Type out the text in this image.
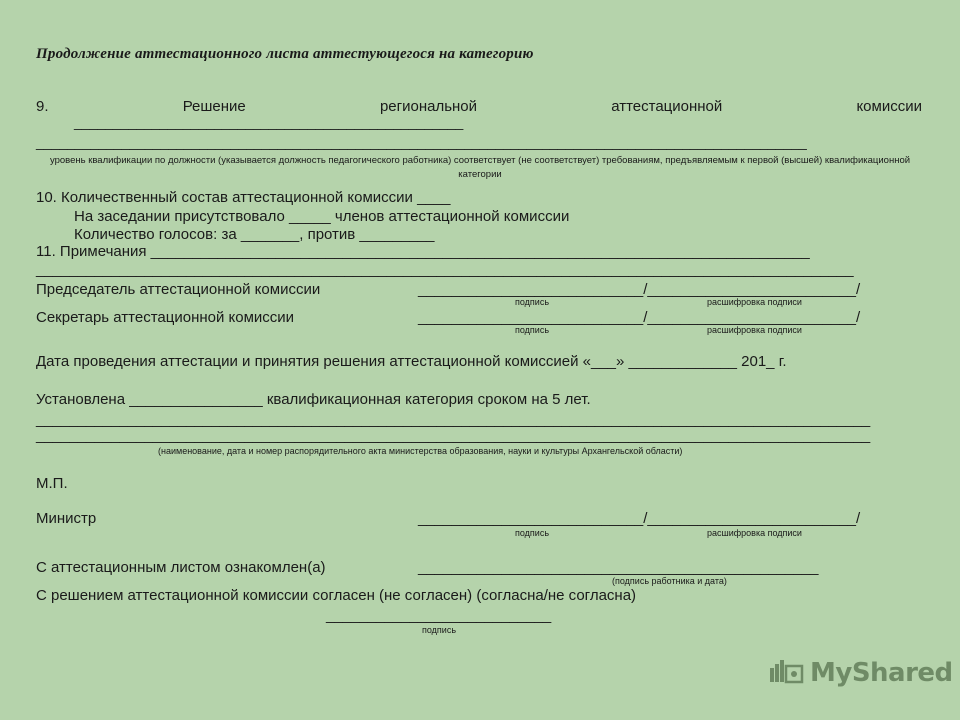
Продолжение аттестационного листа аттестующегося на категорию
9.	Решение	региональной	аттестационной	комиссии
__________________________________________________
___________________________________________________________________________________________________
уровень квалификации по должности (указывается должность педагогического работника) соответствует (не соответствует) требованиям, предъявляемым к первой (высшей) квалификационной категории
10. Количественный состав аттестационной комиссии ____
На заседании присутствовало _____ членов аттестационной комиссии
Количество голосов: за _______, против _________
11. Примечания _______________________________________________________________________________
__________________________________________________________________________________________________
Председатель аттестационной комиссии	___________________________/_________________________/
подпись	расшифровка подписи
Секретарь аттестационной комиссии	___________________________/_________________________/
подпись	расшифровка подписи
Дата проведения аттестации и принятия решения аттестационной комиссией «___» _____________ 201_ г.
Установлена ________________ квалификационная категория сроком на 5 лет.
____________________________________________________________________________________________________
____________________________________________________________________________________________________
(наименование, дата и номер распорядительного акта министерства образования, науки и культуры Архангельской области)
М.П.
Министр	___________________________/_________________________/
подпись	расшифровка подписи
С аттестационным листом ознакомлен(а)	________________________________________________
(подпись работника и дата)
С решением аттестационной комиссии согласен (не согласен) (согласна/не согласна)
___________________________
подпись
MyShared
